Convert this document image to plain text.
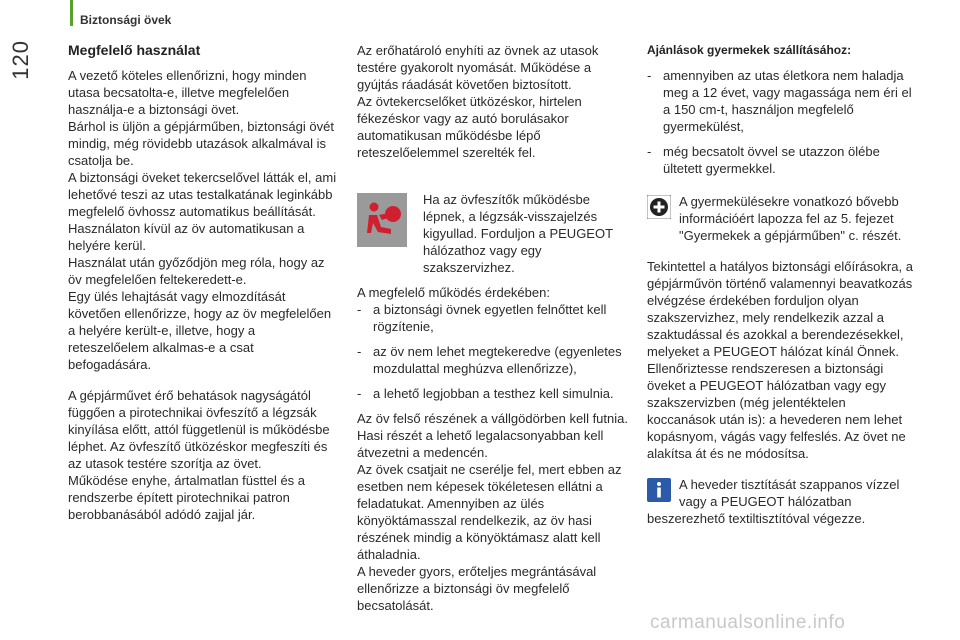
Biztonsági övek
120	Megfelelő használat

A vezető köteles ellenőrizni, hogy minden utasa becsatolta-e, illetve megfelelően használja-e a biztonsági övet.

Bárhol is üljön a gépjárműben, biztonsági övét mindig, még rövidebb utazások alkalmával is csatolja be.

A biztonsági öveket tekercselővel látták el, ami lehetővé teszi az utas testalkatának leginkább megfelelő övhossz automatikus beállítását. Használaton kívül az öv automatikusan a helyére kerül.

Használat után győződjön meg róla, hogy az öv megfelelően feltekeredett-e.

Egy ülés lehajtását vagy elmozdítását követően ellenőrizze, hogy az öv megfelelően a helyére került-e, illetve, hogy a reteszelőelem alkalmas-e a csat befogadására.

A gépjárművet érő behatások nagyságától függően a pirotechnikai övfeszítő a légzsák kinyílása előtt, attól függetlenül is működésbe léphet. Az övfeszítő ütközéskor megfeszíti és az utasok testére szorítja az övet.

Működése enyhe, ártalmatlan füsttel és a rendszerbe épített pirotechnikai patron berobbanásából adódó zajjal jár.

Az erőhatároló enyhíti az övnek az utasok testére gyakorolt nyomását. Működése a gyújtás ráadását követően biztosított.

Az övtekercselőket ütközéskor, hirtelen fékezéskor vagy az autó borulásakor automatikusan működésbe lépő reteszelőelemmel szerelték fel.

Ha az övfeszítők működésbe lépnek, a légzsák-visszajelzés kigyullad. Forduljon a PEUGEOT hálózathoz vagy egy szakszervizhez.

A megfelelő működés érdekében:

- a biztonsági övnek egyetlen felnőttet kell rögzítenie,
- az öv nem lehet megtekeredve (egyenletes mozdulattal meghúzva ellenőrizze),
- a lehető legjobban a testhez kell simulnia.

Az öv felső részének a vállgödörben kell futnia. Hasi részét a lehető legalacsonyabban kell átvezetni a medencén.

Az övek csatjait ne cserélje fel, mert ebben az esetben nem képesek tökéletesen ellátni a feladatukat. Amennyiben az ülés könyöktámasszal rendelkezik, az öv hasi részének mindig a könyöktámasz alatt kell áthaladnia.

A heveder gyors, erőteljes megrántásával ellenőrizze a biztonsági öv megfelelő becsatolását.

Ajánlások gyermekek szállításához:
- amennyiben az utas életkora nem haladja meg a 12 évet, vagy magassága nem éri el a 150 cm-t, használjon megfelelő gyermekülést,
- még becsatolt övvel se utazzon ölébe ültetett gyermekkel.
A gyermekülésekre vonatkozó bővebb információért lapozza fel az 5. fejezet "Gyermekek a gépjárműben" c. részét.

Tekintettel a hatályos biztonsági előírásokra, a gépjárművön történő valamennyi beavatkozás elvégzése érdekében forduljon olyan szakszervizhez, mely rendelkezik azzal a szaktudással és azokkal a berendezésekkel, melyeket a PEUGEOT hálózat kínál Önnek.

Ellenőriztesse rendszeresen a biztonsági öveket a PEUGEOT hálózatban vagy egy szakszervizben (még jelentéktelen koccanások után is): a hevederen nem lehet kopásnyom, vágás vagy felfeslés. Az övet ne alakítsa át és ne módosítsa.

A heveder tisztítását szappanos vízzel vagy a PEUGEOT hálózatban beszerezhető textiltisztítóval végezze.
carmanualsonline.info
